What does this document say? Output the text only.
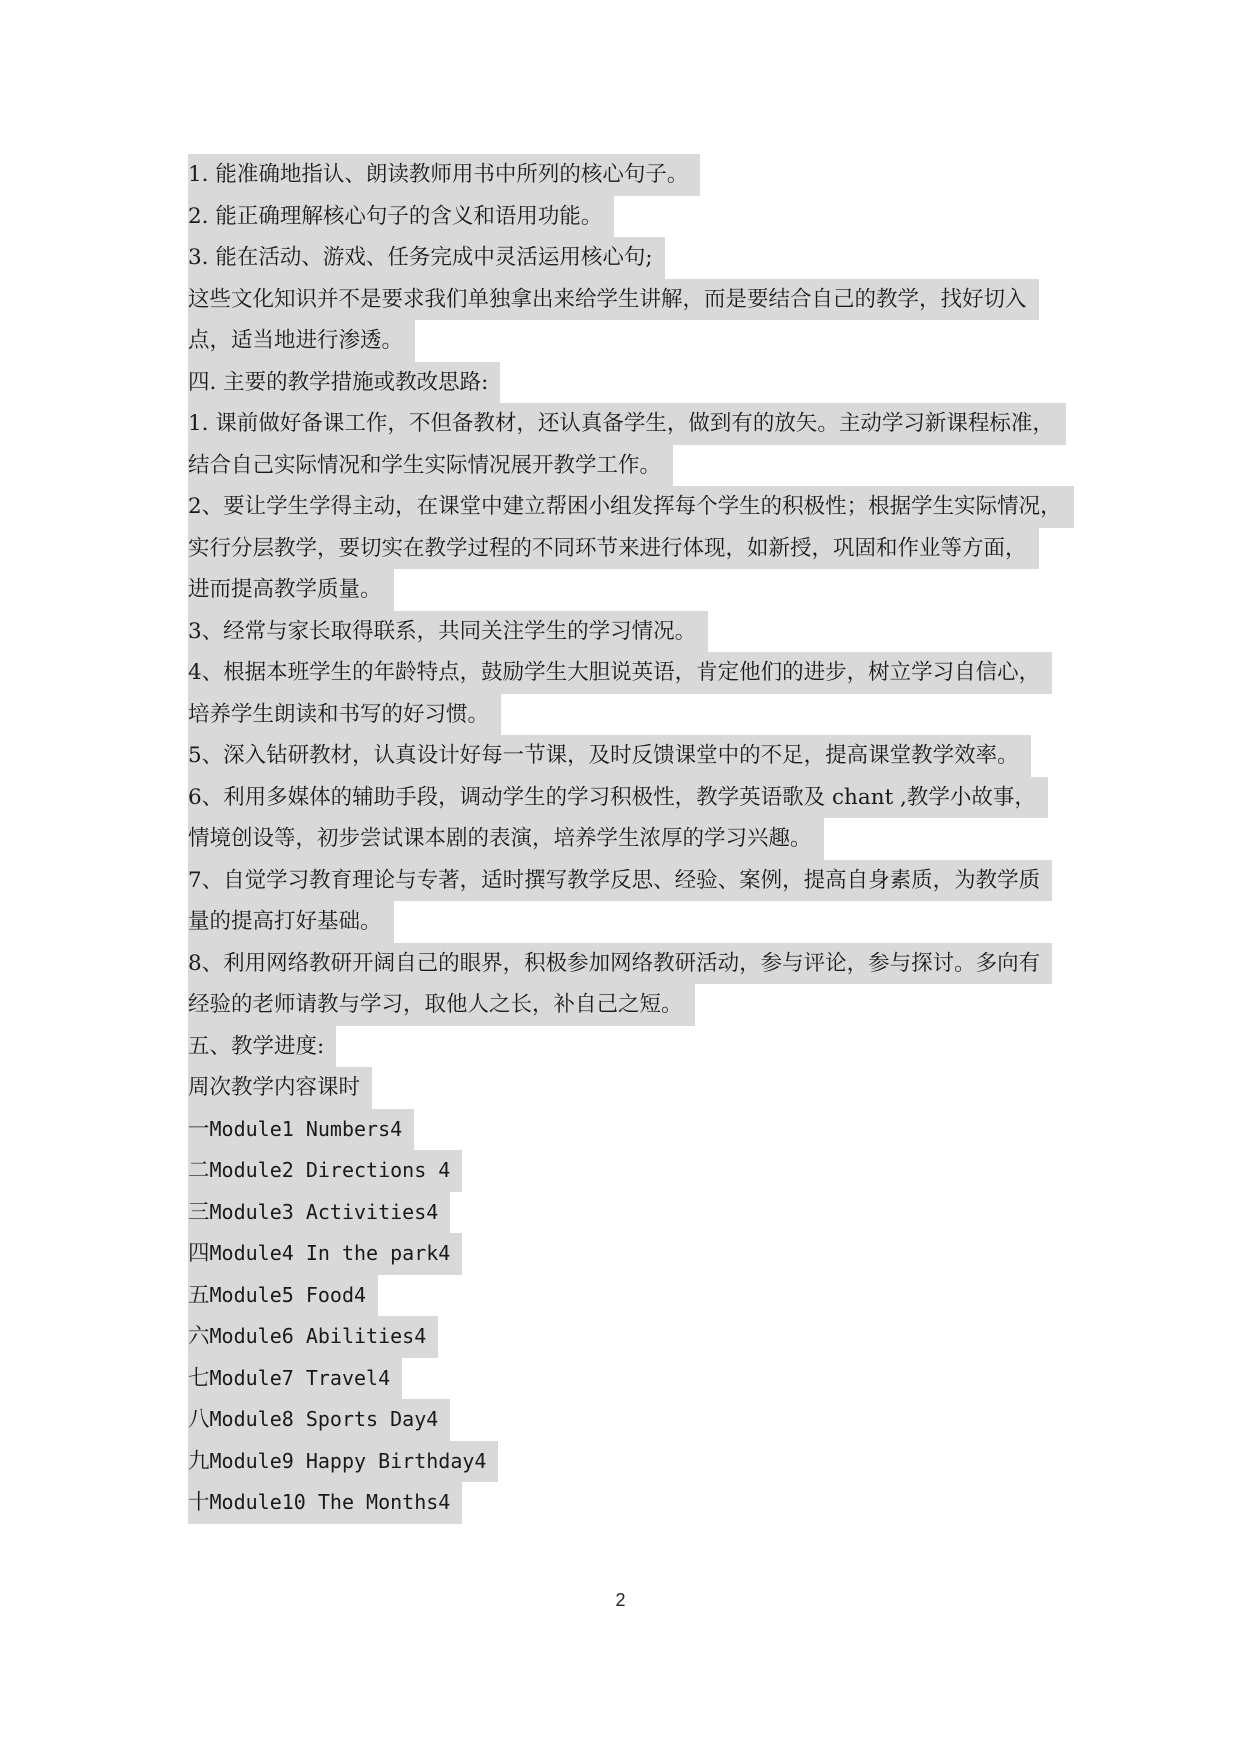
1. 能准确地指认、朗读教师用书中所列的核心句子。
2. 能正确理解核心句子的含义和语用功能。
3. 能在活动、游戏、任务完成中灵活运用核心句;
这些文化知识并不是要求我们单独拿出来给学生讲解，而是要结合自己的教学，找好切入
点，适当地进行渗透。
四. 主要的教学措施或教改思路:
1. 课前做好备课工作，不但备教材，还认真备学生，做到有的放矢。主动学习新课程标准，
结合自己实际情况和学生实际情况展开教学工作。
2、要让学生学得主动，在课堂中建立帮困小组发挥每个学生的积极性；根据学生实际情况，
实行分层教学，要切实在教学过程的不同环节来进行体现，如新授，巩固和作业等方面，
进而提高教学质量。
3、经常与家长取得联系，共同关注学生的学习情况。
4、根据本班学生的年龄特点，鼓励学生大胆说英语，肯定他们的进步，树立学习自信心，
培养学生朗读和书写的好习惯。
5、深入钻研教材，认真设计好每一节课，及时反馈课堂中的不足，提高课堂教学效率。
6、利用多媒体的辅助手段，调动学生的学习积极性，教学英语歌及 chant ,教学小故事，
情境创设等，初步尝试课本剧的表演，培养学生浓厚的学习兴趣。
7、自觉学习教育理论与专著，适时撰写教学反思、经验、案例，提高自身素质，为教学质
量的提高打好基础。
8、利用网络教研开阔自己的眼界，积极参加网络教研活动，参与评论，参与探讨。多向有
经验的老师请教与学习，取他人之长，补自己之短。
五、教学进度:
周次教学内容课时
一Module1 Numbers4
二Module2 Directions 4
三Module3 Activities4
四Module4 In the park4
五Module5 Food4
六Module6 Abilities4
七Module7 Travel4
八Module8 Sports Day4
九Module9 Happy Birthday4
十Module10 The Months4
2
